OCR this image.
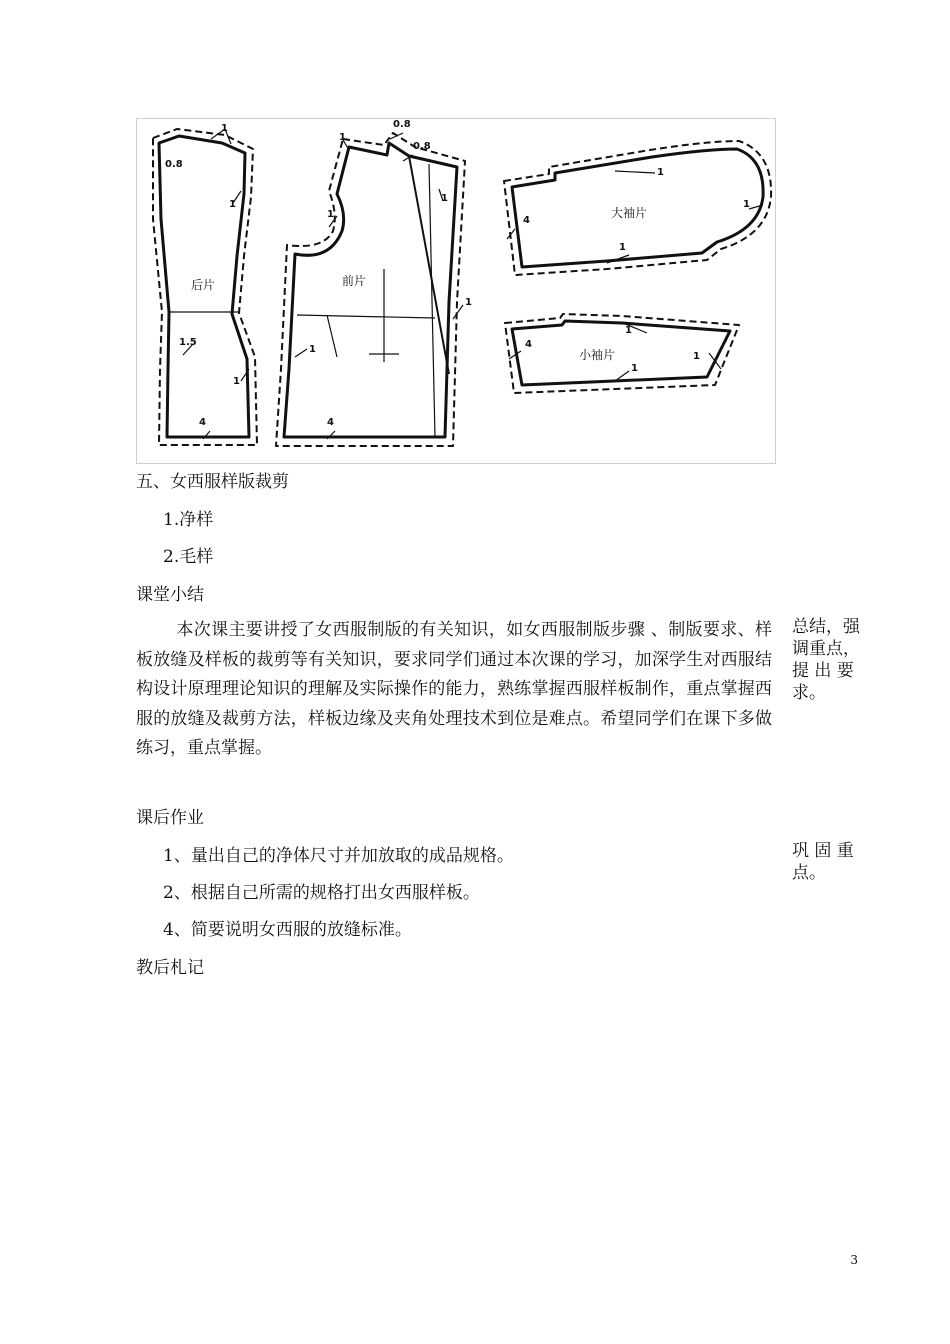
后片	前片
大袖片
小袖片
1
0.8
1
1.5
1
4
1
0.8
0.8
1
1
1
1
4
1
1
1
4
1
1
1
4
五、女西服样版裁剪
1.净样
2.毛样
课堂小结
本次课主要讲授了女西服制版的有关知识，如女西服制版步骤 、制版要求、样板放缝及样板的裁剪等有关知识，要求同学们通过本次课的学习，加深学生对西服结构设计原理理论知识的理解及实际操作的能力，熟练掌握西服样板制作，重点掌握西服的放缝及裁剪方法，样板边缘及夹角处理技术到位是难点。希望同学们在课下多做练习，重点掌握。
总结，强调重点，提 出 要求。
课后作业
1、量出自己的净体尺寸并加放取的成品规格。
2、根据自己所需的规格打出女西服样板。
4、简要说明女西服的放缝标准。
巩 固 重点。
教后札记
3
